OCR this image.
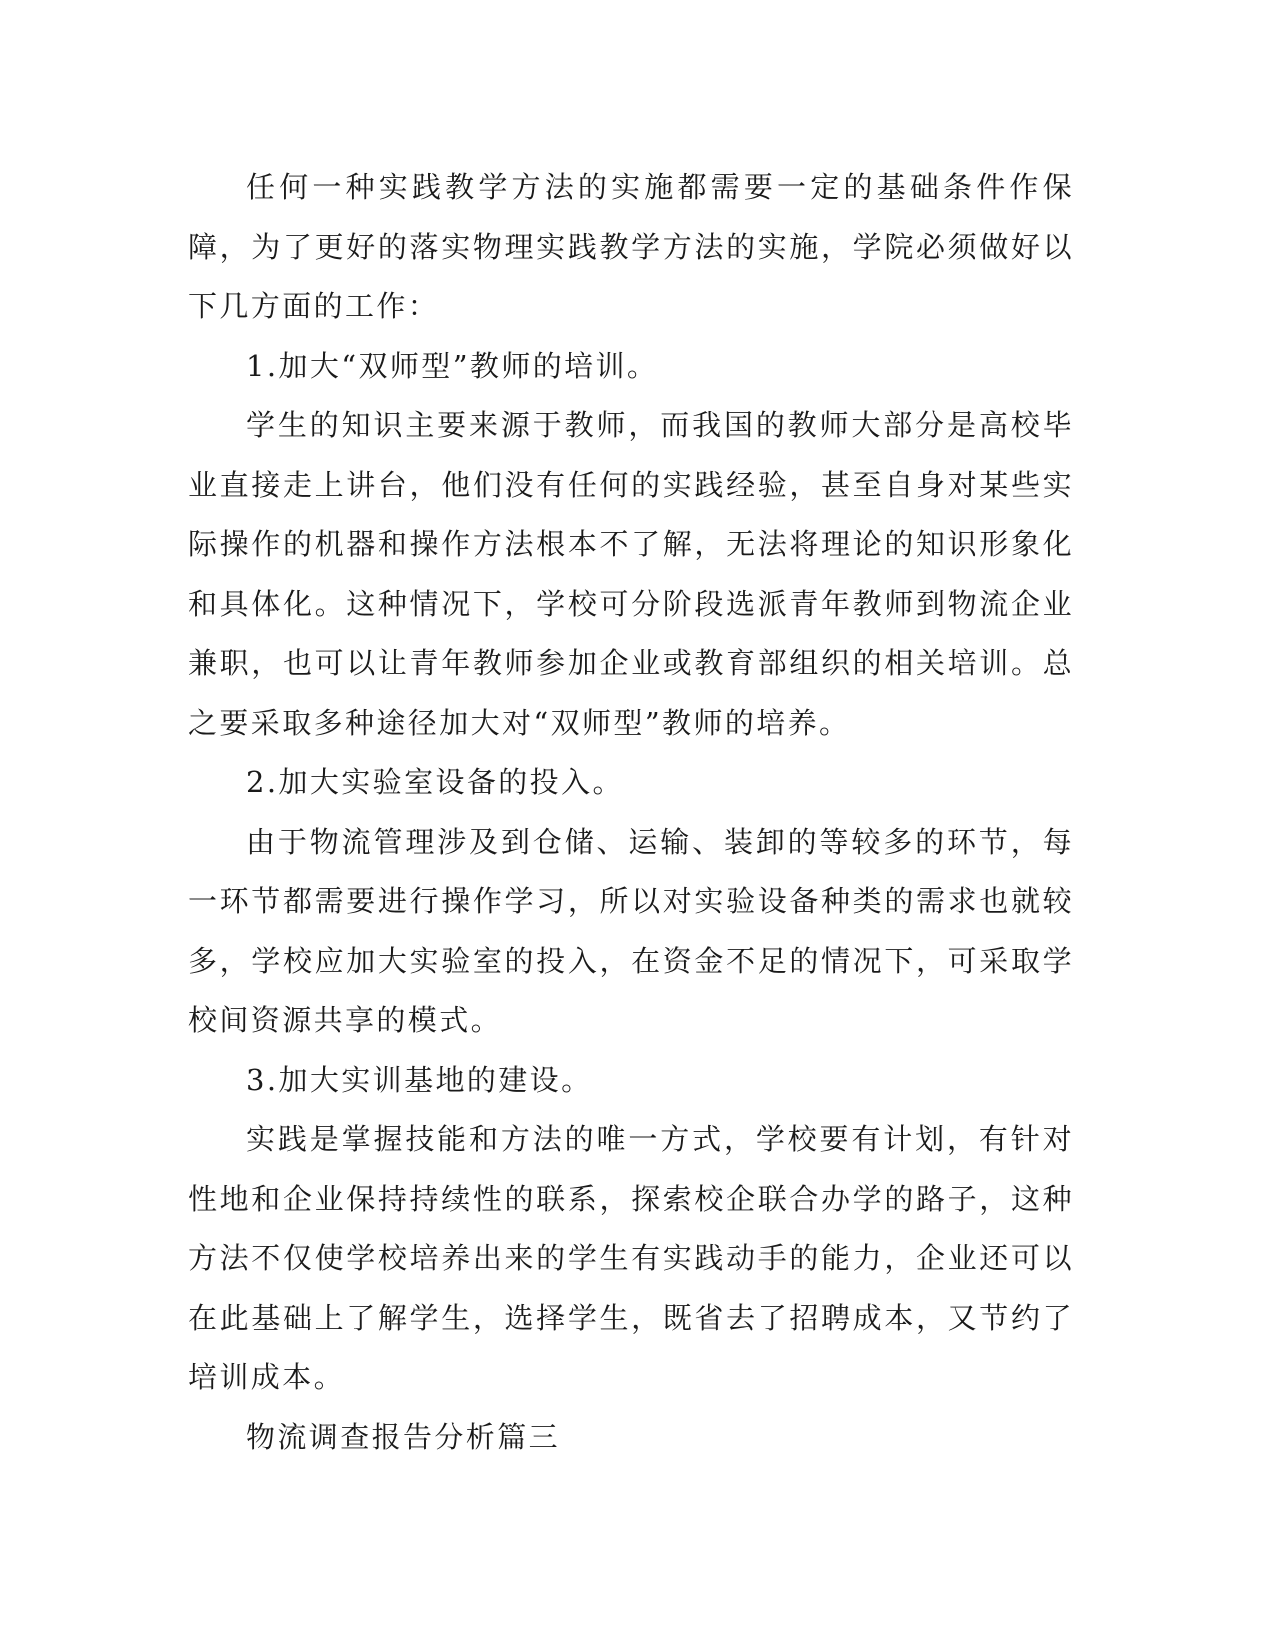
任何一种实践教学方法的实施都需要一定的基础条件作保障，为了更好的落实物理实践教学方法的实施，学院必须做好以下几方面的工作：

1.加大“双师型”教师的培训。

学生的知识主要来源于教师，而我国的教师大部分是高校毕业直接走上讲台，他们没有任何的实践经验，甚至自身对某些实际操作的机器和操作方法根本不了解，无法将理论的知识形象化和具体化。这种情况下，学校可分阶段选派青年教师到物流企业兼职，也可以让青年教师参加企业或教育部组织的相关培训。总之要采取多种途径加大对“双师型”教师的培养。

2.加大实验室设备的投入。

由于物流管理涉及到仓储、运输、装卸的等较多的环节，每一环节都需要进行操作学习，所以对实验设备种类的需求也就较多，学校应加大实验室的投入，在资金不足的情况下，可采取学校间资源共享的模式。

3.加大实训基地的建设。

实践是掌握技能和方法的唯一方式，学校要有计划，有针对性地和企业保持持续性的联系，探索校企联合办学的路子，这种方法不仅使学校培养出来的学生有实践动手的能力，企业还可以在此基础上了解学生，选择学生，既省去了招聘成本，又节约了培训成本。

物流调查报告分析篇三
